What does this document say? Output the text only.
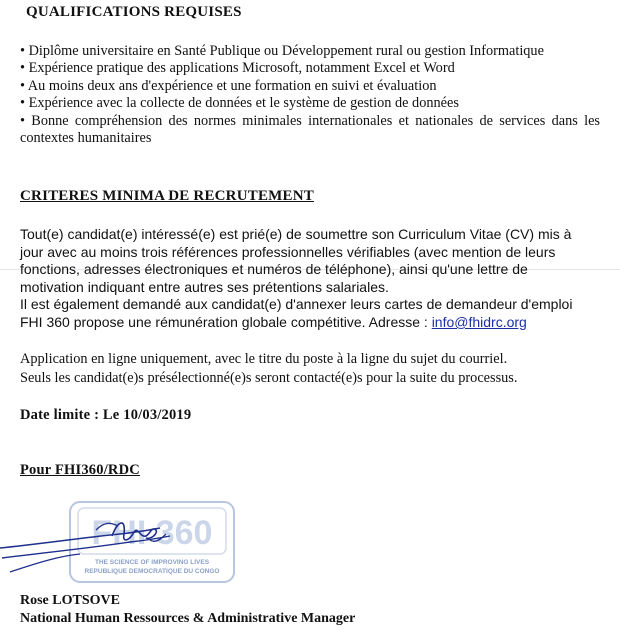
QUALIFICATIONS REQUISES
• Diplôme universitaire en Santé Publique ou Développement rural ou gestion Informatique
• Expérience pratique des applications Microsoft, notamment Excel et Word
• Au moins deux ans d'expérience et une formation en suivi et évaluation
• Expérience avec la collecte de données et le système de gestion de données
• Bonne compréhension des normes minimales internationales et nationales de services dans les contextes humanitaires
CRITERES MINIMA DE RECRUTEMENT
Tout(e) candidat(e) intéressé(e) est prié(e) de soumettre son Curriculum Vitae (CV) mis à
jour avec au moins trois références professionnelles vérifiables (avec mention de leurs
fonctions, adresses électroniques et numéros de téléphone), ainsi qu'une lettre de
motivation indiquant entre autres ses prétentions salariales.
Il est également demandé aux candidat(e) d'annexer leurs cartes de demandeur d'emploi
FHI 360 propose une rémunération globale compétitive. Adresse : info@fhidrc.org
Application en ligne uniquement, avec le titre du poste à la ligne du sujet du courriel.
Seuls les candidat(e)s présélectionné(e)s seront contacté(e)s pour la suite du processus.
Date limite : Le 10/03/2019
Pour FHI360/RDC
FHI 360
THE SCIENCE OF IMPROVING LIVES
REPUBLIQUE DEMOCRATIQUE DU CONGO
Rose LOTSOVE
National Human Ressources & Administrative Manager
